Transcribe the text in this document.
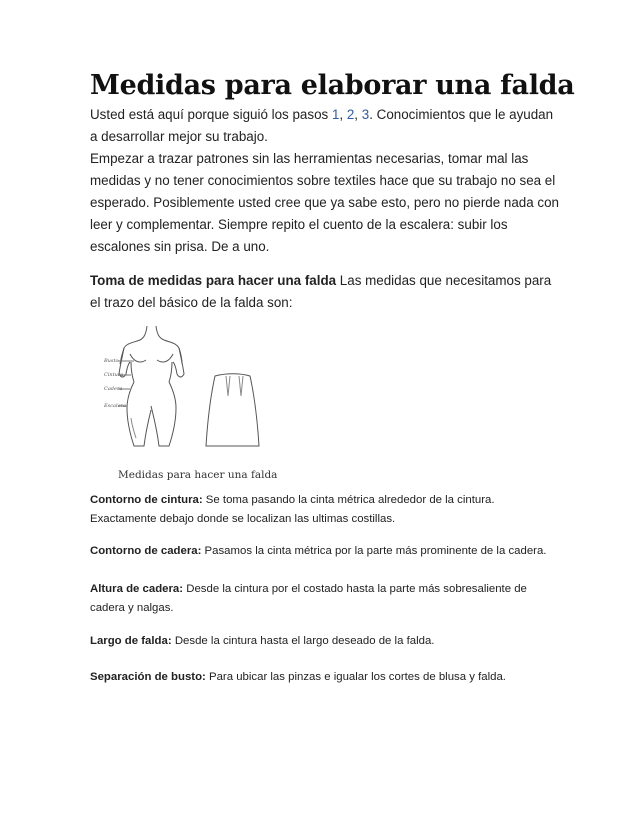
Medidas para elaborar una falda

Usted está aquí porque siguió los pasos 1, 2, 3. Conocimientos que le ayudan a desarrollar mejor su trabajo.
Empezar a trazar patrones sin las herramientas necesarias, tomar mal las medidas y no tener conocimientos sobre textiles hace que su trabajo no sea el esperado. Posiblemente usted cree que ya sabe esto, pero no pierde nada con leer y complementar. Siempre repito el cuento de la escalera: subir los escalones sin prisa. De a uno.

Toma de medidas para hacer una falda Las medidas que necesitamos para el trazo del básico de la falda son:

Busto
Cintura
Cadera
Escalera

Medidas para hacer una falda

Contorno de cintura: Se toma pasando la cinta métrica alrededor de la cintura. Exactamente debajo donde se localizan las ultimas costillas.

Contorno de cadera: Pasamos la cinta métrica por la parte más prominente de la cadera.

Altura de cadera: Desde la cintura por el costado hasta la parte más sobresaliente de cadera y nalgas.

Largo de falda: Desde la cintura hasta el largo deseado de la falda.

Separación de busto: Para ubicar las pinzas e igualar los cortes de blusa y falda.
